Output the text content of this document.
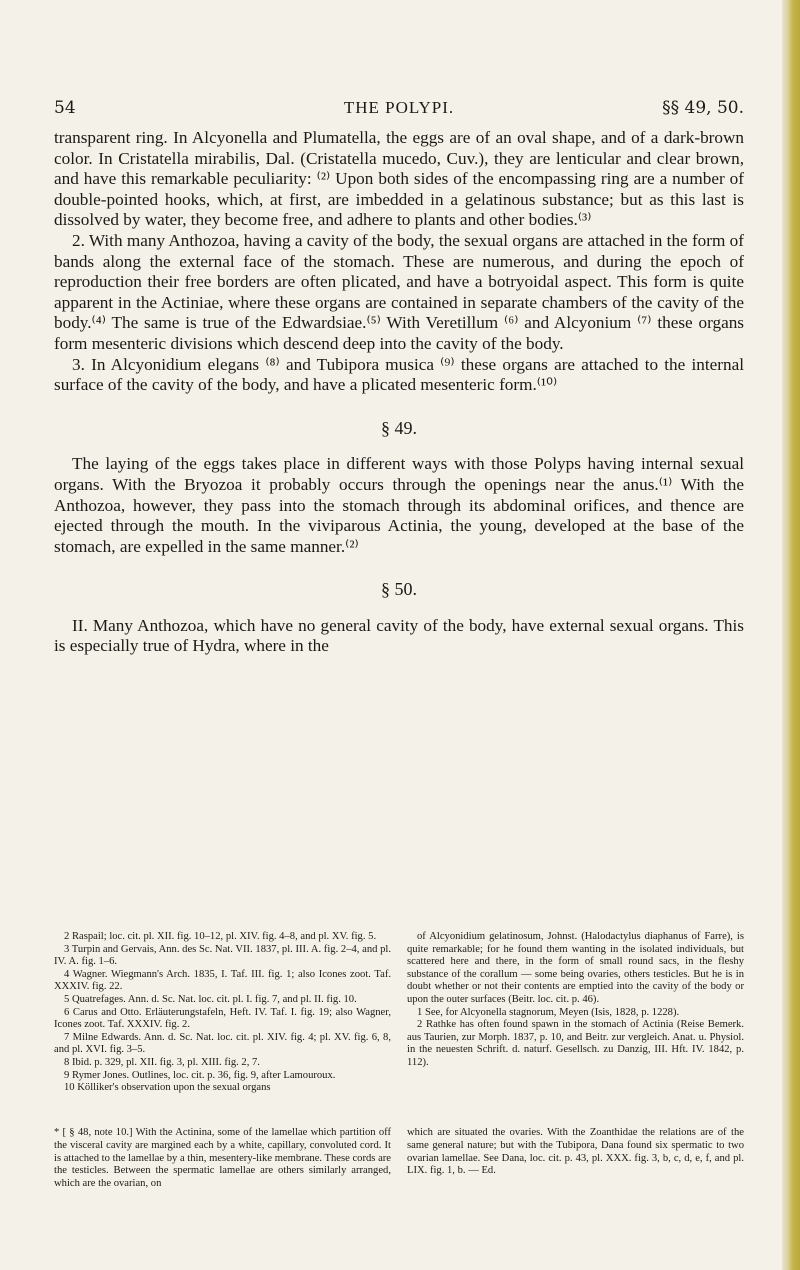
54	THE POLYPI.	§§ 49, 50.

transparent ring. In Alcyonella and Plumatella, the eggs are of an oval shape, and of a dark-brown color. In Cristatella mirabilis, Dal. (Cristatella mucedo, Cuv.), they are lenticular and clear brown, and have this remarkable peculiarity: ⁽²⁾ Upon both sides of the encompassing ring are a number of double-pointed hooks, which, at first, are imbedded in a gelatinous substance; but as this last is dissolved by water, they become free, and adhere to plants and other bodies.⁽³⁾

2. With many Anthozoa, having a cavity of the body, the sexual organs are attached in the form of bands along the external face of the stomach. These are numerous, and during the epoch of reproduction their free borders are often plicated, and have a botryoidal aspect. This form is quite apparent in the Actiniae, where these organs are contained in separate chambers of the cavity of the body.⁽⁴⁾ The same is true of the Edwardsiae.⁽⁵⁾ With Veretillum ⁽⁶⁾ and Alcyonium ⁽⁷⁾ these organs form mesenteric divisions which descend deep into the cavity of the body.

3. In Alcyonidium elegans ⁽⁸⁾ and Tubipora musica ⁽⁹⁾ these organs are attached to the internal surface of the cavity of the body, and have a plicated mesenteric form.⁽¹⁰⁾

§ 49.

The laying of the eggs takes place in different ways with those Polyps having internal sexual organs. With the Bryozoa it probably occurs through the openings near the anus.⁽¹⁾ With the Anthozoa, however, they pass into the stomach through its abdominal orifices, and thence are ejected through the mouth. In the viviparous Actinia, the young, developed at the base of the stomach, are expelled in the same manner.⁽²⁾

§ 50.

II. Many Anthozoa, which have no general cavity of the body, have external sexual organs. This is especially true of Hydra, where in the

2 Raspail; loc. cit. pl. XII. fig. 10–12, pl. XIV. fig. 4–8, and pl. XV. fig. 5.

3 Turpin and Gervais, Ann. des Sc. Nat. VII. 1837, pl. III. A. fig. 2–4, and pl. IV. A. fig. 1–6.

4 Wagner. Wiegmann's Arch. 1835, I. Taf. III. fig. 1; also Icones zoot. Taf. XXXIV. fig. 22.

5 Quatrefages. Ann. d. Sc. Nat. loc. cit. pl. I. fig. 7, and pl. II. fig. 10.

6 Carus and Otto. Erläuterungstafeln, Heft. IV. Taf. I. fig. 19; also Wagner, Icones zoot. Taf. XXXIV. fig. 2.

7 Milne Edwards. Ann. d. Sc. Nat. loc. cit. pl. XIV. fig. 4; pl. XV. fig. 6, 8, and pl. XVI. fig. 3–5.

8 Ibid. p. 329, pl. XII. fig. 3, pl. XIII. fig. 2, 7.

9 Rymer Jones. Outlines, loc. cit. p. 36, fig. 9, after Lamouroux.

10 Kölliker's observation upon the sexual organs

of Alcyonidium gelatinosum, Johnst. (Halodactylus diaphanus of Farre), is quite remarkable; for he found them wanting in the isolated individuals, but scattered here and there, in the form of small round sacs, in the fleshy substance of the corallum — some being ovaries, others testicles. But he is in doubt whether or not their contents are emptied into the cavity of the body or upon the outer surfaces (Beitr. loc. cit. p. 46).

1 See, for Alcyonella stagnorum, Meyen (Isis, 1828, p. 1228).

2 Rathke has often found spawn in the stomach of Actinia (Reise Bemerk. aus Taurien, zur Morph. 1837, p. 10, and Beitr. zur vergleich. Anat. u. Physiol. in the neuesten Schrift. d. naturf. Gesellsch. zu Danzig, III. Hft. IV. 1842, p. 112).

* [ § 48, note 10.] With the Actinina, some of the lamellae which partition off the visceral cavity are margined each by a white, capillary, convoluted cord. It is attached to the lamellae by a thin, mesentery-like membrane. These cords are the testicles. Between the spermatic lamellae are others similarly arranged, which are the ovarian, on

which are situated the ovaries. With the Zoanthidae the relations are of the same general nature; but with the Tubipora, Dana found six spermatic to two ovarian lamellae. See Dana, loc. cit. p. 43, pl. XXX. fig. 3, b, c, d, e, f, and pl. LIX. fig. 1, b. — Ed.
